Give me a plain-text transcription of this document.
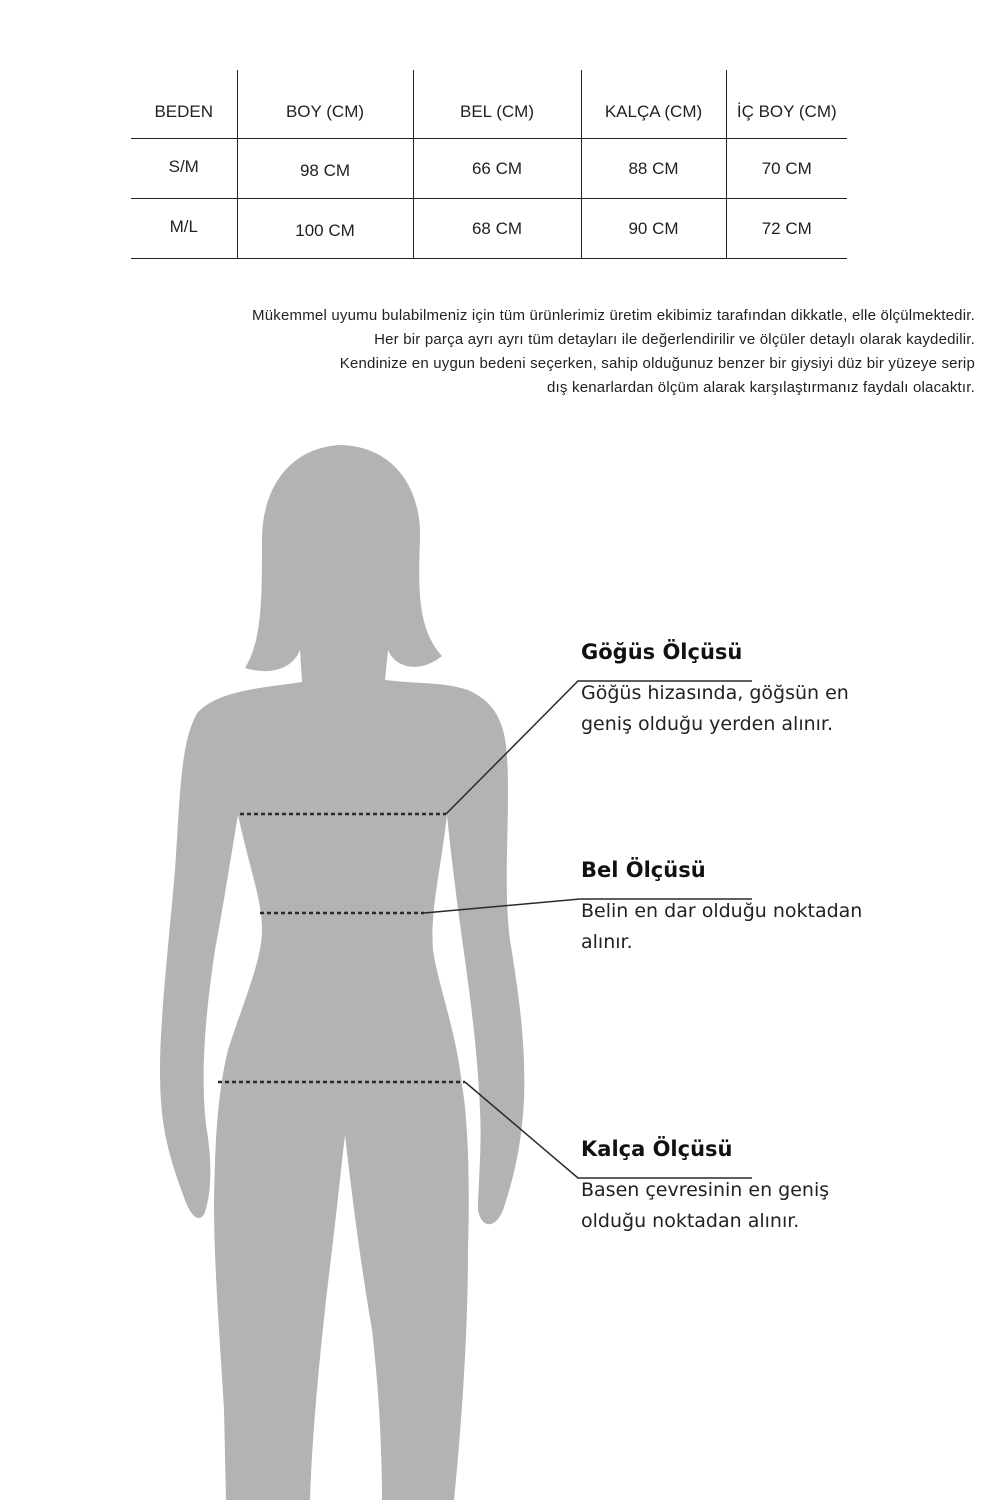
BEDEN	BOY (CM)	BEL (CM)	KALÇA (CM)	İÇ BOY (CM)
S/M	98 CM	66 CM	88 CM	70 CM
M/L	100 CM	68 CM	90 CM	72 CM
Mükemmel uyumu bulabilmeniz için tüm ürünlerimiz üretim ekibimiz tarafından dikkatle, elle ölçülmektedir.
Her bir parça ayrı ayrı tüm detayları ile değerlendirilir ve ölçüler detaylı olarak kaydedilir.
Kendinize en uygun bedeni seçerken, sahip olduğunuz benzer bir giysiyi düz bir yüzeye serip
dış kenarlardan ölçüm alarak karşılaştırmanız faydalı olacaktır.
Göğüs Ölçüsü
Göğüs hizasında, göğsün en
geniş olduğu yerden alınır.
Bel Ölçüsü
Belin en dar olduğu noktadan
alınır.
Kalça Ölçüsü
Basen çevresinin en geniş
olduğu noktadan alınır.
